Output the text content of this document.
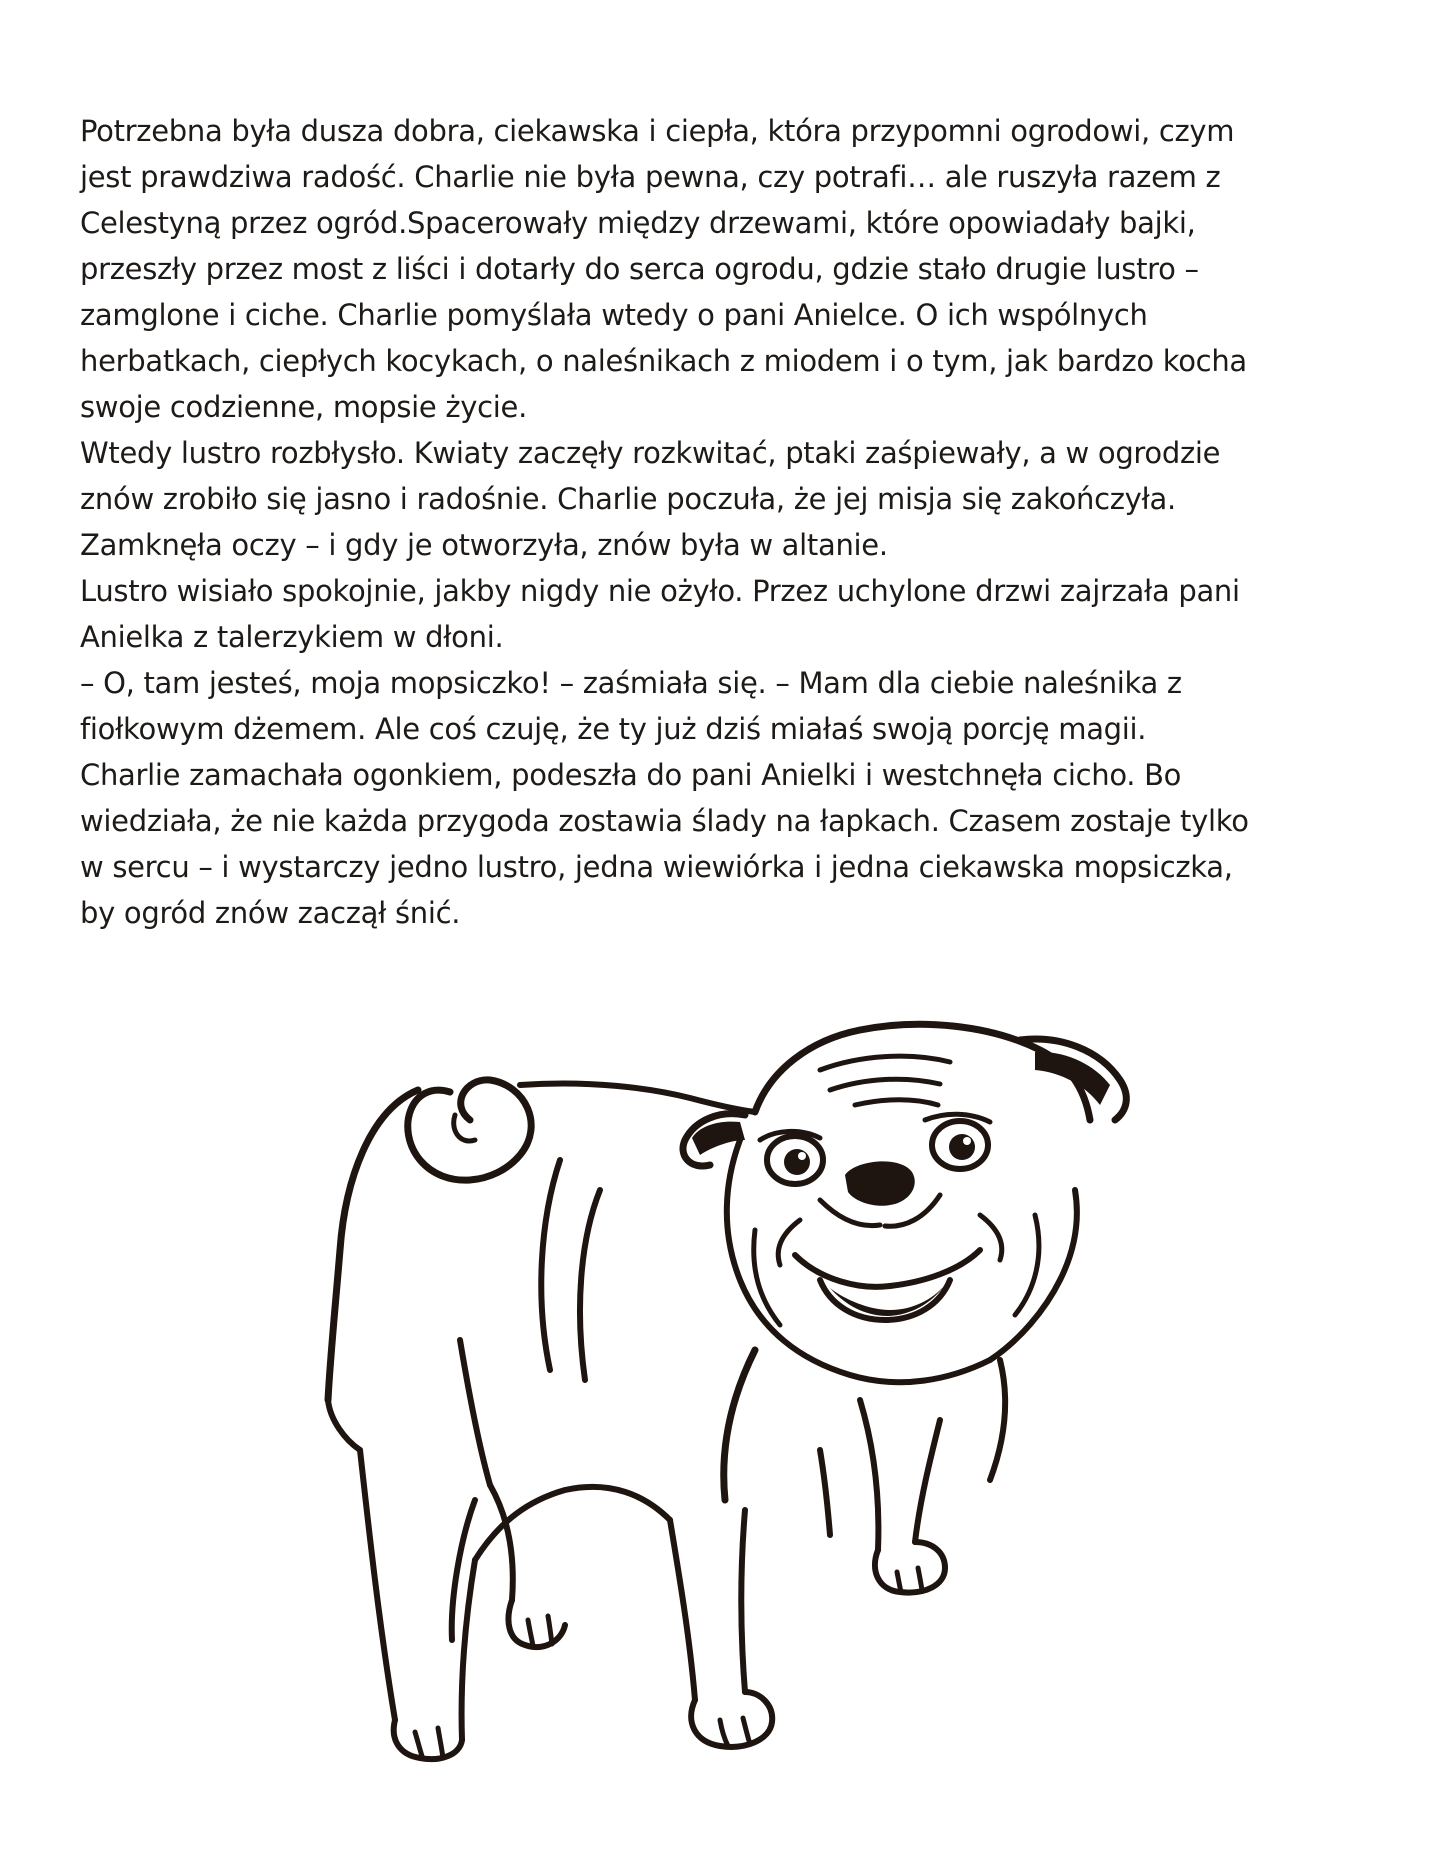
Potrzebna była dusza dobra, ciekawska i ciepła, która przypomni ogrodowi, czym

jest prawdziwa radość. Charlie nie była pewna, czy potrafi… ale ruszyła razem z

Celestyną przez ogród.Spacerowały między drzewami, które opowiadały bajki,

przeszły przez most z liści i dotarły do serca ogrodu, gdzie stało drugie lustro –

zamglone i ciche. Charlie pomyślała wtedy o pani Anielce. O ich wspólnych

herbatkach, ciepłych kocykach, o naleśnikach z miodem i o tym, jak bardzo kocha

swoje codzienne, mopsie życie.

Wtedy lustro rozbłysło. Kwiaty zaczęły rozkwitać, ptaki zaśpiewały, a w ogrodzie

znów zrobiło się jasno i radośnie. Charlie poczuła, że jej misja się zakończyła.

Zamknęła oczy – i gdy je otworzyła, znów była w altanie.

Lustro wisiało spokojnie, jakby nigdy nie ożyło. Przez uchylone drzwi zajrzała pani

Anielka z talerzykiem w dłoni.

– O, tam jesteś, moja mopsiczko! – zaśmiała się. – Mam dla ciebie naleśnika z

fiołkowym dżemem. Ale coś czuję, że ty już dziś miałaś swoją porcję magii.

Charlie zamachała ogonkiem, podeszła do pani Anielki i westchnęła cicho. Bo

wiedziała, że nie każda przygoda zostawia ślady na łapkach. Czasem zostaje tylko

w sercu – i wystarczy jedno lustro, jedna wiewiórka i jedna ciekawska mopsiczka,

by ogród znów zaczął śnić.
